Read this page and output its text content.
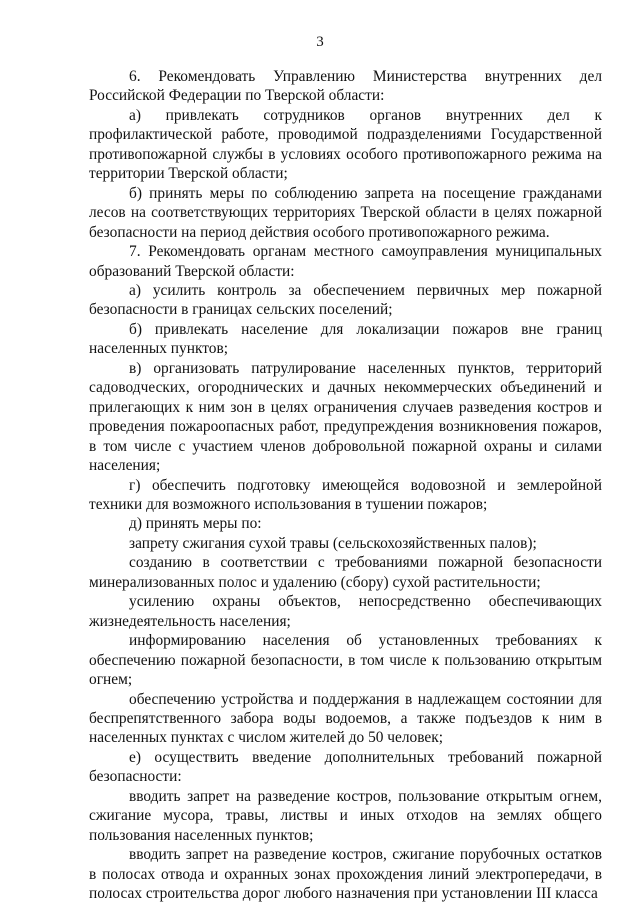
3

6. Рекомендовать Управлению Министерства внутренних дел Российской Федерации по Тверской области:

а) привлекать сотрудников органов внутренних дел к профилактической работе, проводимой подразделениями Государственной противопожарной службы в условиях особого противопожарного режима на территории Тверской области;

б) принять меры по соблюдению запрета на посещение гражданами лесов на соответствующих территориях Тверской области в целях пожарной безопасности на период действия особого противопожарного режима.

7. Рекомендовать органам местного самоуправления муниципальных образований Тверской области:

а) усилить контроль за обеспечением первичных мер пожарной безопасности в границах сельских поселений;

б) привлекать население для локализации пожаров вне границ населенных пунктов;

в) организовать патрулирование населенных пунктов, территорий садоводческих, огороднических и дачных некоммерческих объединений и прилегающих к ним зон в целях ограничения случаев разведения костров и проведения пожароопасных работ, предупреждения возникновения пожаров, в том числе с участием членов добровольной пожарной охраны и силами населения;

г) обеспечить подготовку имеющейся водовозной и землеройной техники для возможного использования в тушении пожаров;

д) принять меры по:

запрету сжигания сухой травы (сельскохозяйственных палов);

созданию в соответствии с требованиями пожарной безопасности минерализованных полос и удалению (сбору) сухой растительности;

усилению охраны объектов, непосредственно обеспечивающих жизнедеятельность населения;

информированию населения об установленных требованиях к обеспечению пожарной безопасности, в том числе к пользованию открытым огнем;

обеспечению устройства и поддержания в надлежащем состоянии для беспрепятственного забора воды водоемов, а также подъездов к ним в населенных пунктах с числом жителей до 50 человек;

е) осуществить введение дополнительных требований пожарной безопасности:

вводить запрет на разведение костров, пользование открытым огнем, сжигание мусора, травы, листвы и иных отходов на землях общего пользования населенных пунктов;

вводить запрет на разведение костров, сжигание порубочных остатков в полосах отвода и охранных зонах прохождения линий электропередачи, в полосах строительства дорог любого назначения при установлении III класса
